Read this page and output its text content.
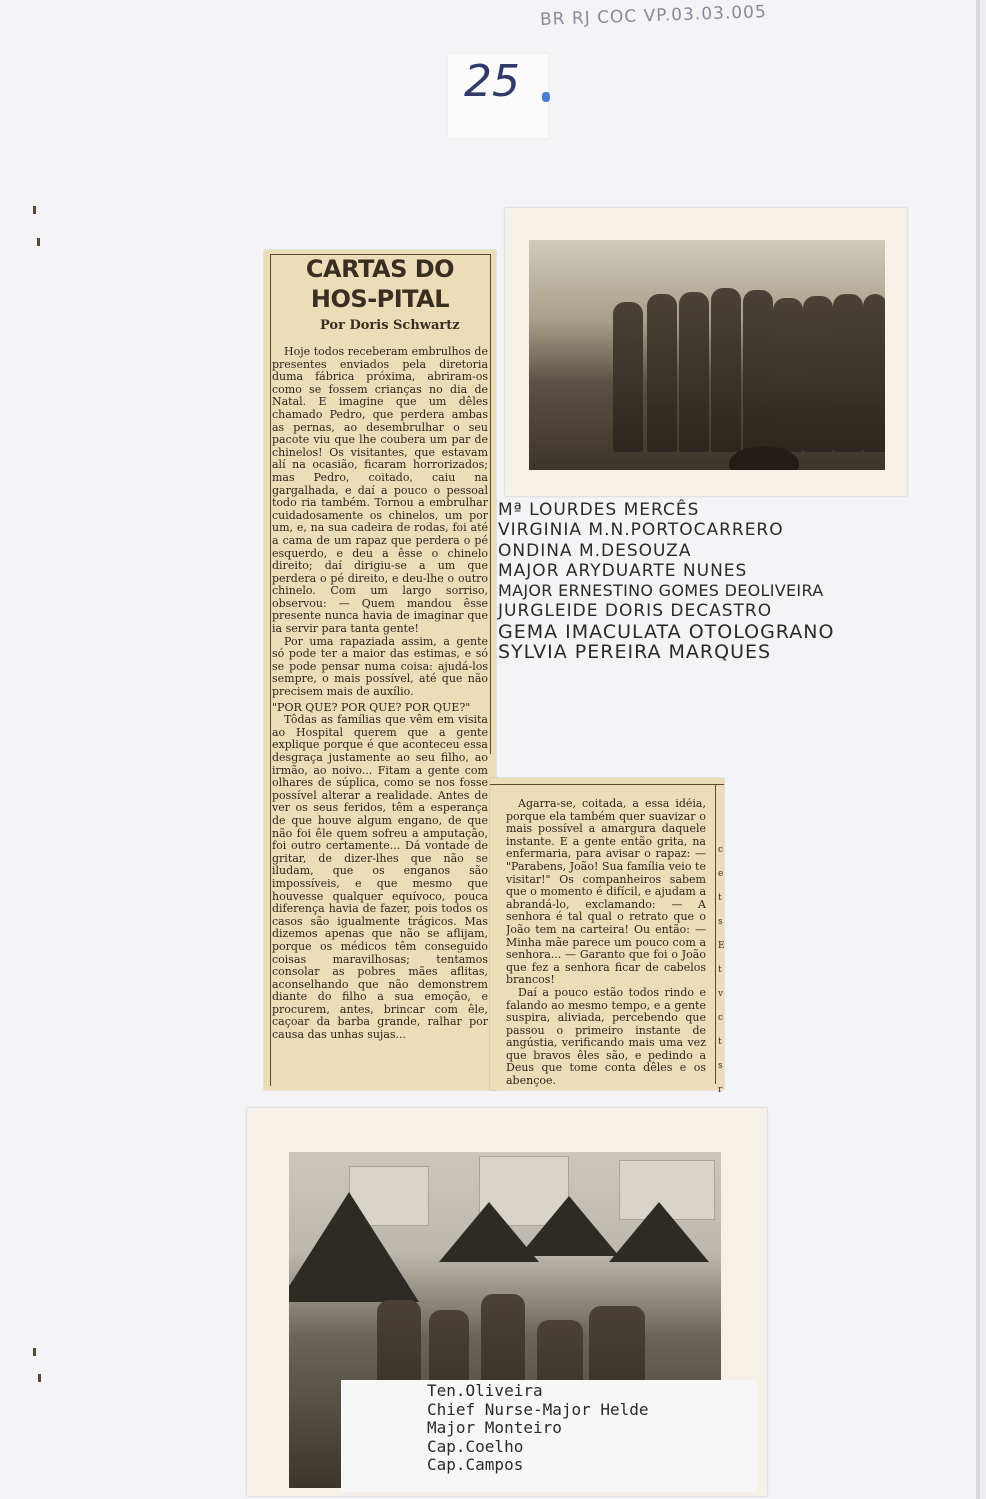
BR RJ COC VP.03.03.005
25
CARTAS DO HOS-PITAL
Por Doris Schwartz

Hoje todos receberam embrulhos de presentes enviados pela diretoria duma fábrica próxima, abriram-os como se fossem crianças no dia de Natal. E imagine que um dêles chamado Pedro, que perdera ambas as pernas, ao desembrulhar o seu pacote viu que lhe coubera um par de chinelos! Os visitantes, que estavam alí na ocasião, ficaram horrorizados; mas Pedro, coitado, caiu na gargalhada, e daí a pouco o pessoal todo ria também. Tornou a embrulhar cuidadosamente os chinelos, um por um, e, na sua cadeira de rodas, foi até a cama de um rapaz que perdera o pé esquerdo, e deu a êsse o chinelo direito; daí dirigiu-se a um que perdera o pé direito, e deu-lhe o outro chinelo. Com um largo sorriso, observou: — Quem mandou êsse presente nunca havia de imaginar que ia servir para tanta gente!

Por uma rapaziada assim, a gente só pode ter a maior das estimas, e só se pode pensar numa coisa: ajudá-los sempre, o mais possível, até que não precisem mais de auxílio.

"POR QUE? POR QUE? POR QUE?"

Tôdas as famílias que vêm em visita ao Hospital querem que a gente explique porque é que aconteceu essa desgraça justamente ao seu filho, ao irmão, ao noivo... Fitam a gente com olhares de súplica, como se nos fosse possível alterar a realidade. Antes de ver os seus feridos, têm a esperança de que houve algum engano, de que não foi êle quem sofreu a amputação, foi outro certamente... Dá vontade de gritar, de dizer-lhes que não se iludam, que os enganos são impossíveis, e que mesmo que houvesse qualquer equívoco, pouca diferença havia de fazer, pois todos os casos são igualmente trágicos. Mas dizemos apenas que não se aflijam, porque os médicos têm conseguido coisas maravilhosas; tentamos consolar as pobres mães aflitas, aconselhando que não demonstrem diante do filho a sua emoção, e procurem, antes, brincar com êle, caçoar da barba grande, ralhar por causa das unhas sujas...

Agarra-se, coitada, a essa idéia, porque ela também quer suavizar o mais possível a amargura daquele instante. E a gente então grita, na enfermaria, para avisar o rapaz: — "Parabens, João! Sua família veio te visitar!" Os companheiros sabem que o momento é difícil, e ajudam a abrandá-lo, exclamando: — A senhora é tal qual o retrato que o João tem na carteira! Ou então: — Minha mãe parece um pouco com a senhora... — Garanto que foi o João que fez a senhora ficar de cabelos brancos!

Daí a pouco estão todos rindo e falando ao mesmo tempo, e a gente suspira, aliviada, percebendo que passou o primeiro instante de angústia, verificando mais uma vez que bravos êles são, e pedindo a Deus que tome conta dêles e os abençoe.

c
e
t
s
E
t
v
c
t
s
r

Mª LOURDES MERCÊS
VIRGINIA M.N.PORTOCARRERO
ONDINA M.DESOUZA
MAJOR ARYDUARTE NUNES
MAJOR ERNESTINO GOMES DEOLIVEIRA
JURGLEIDE DORIS DECASTRO
GEMA IMACULATA OTOLOGRANO
SYLVIA PEREIRA MARQUES
Ten.Oliveira
Chief Nurse-Major Helde
Major Monteiro
Cap.Coelho
Cap.Campos
